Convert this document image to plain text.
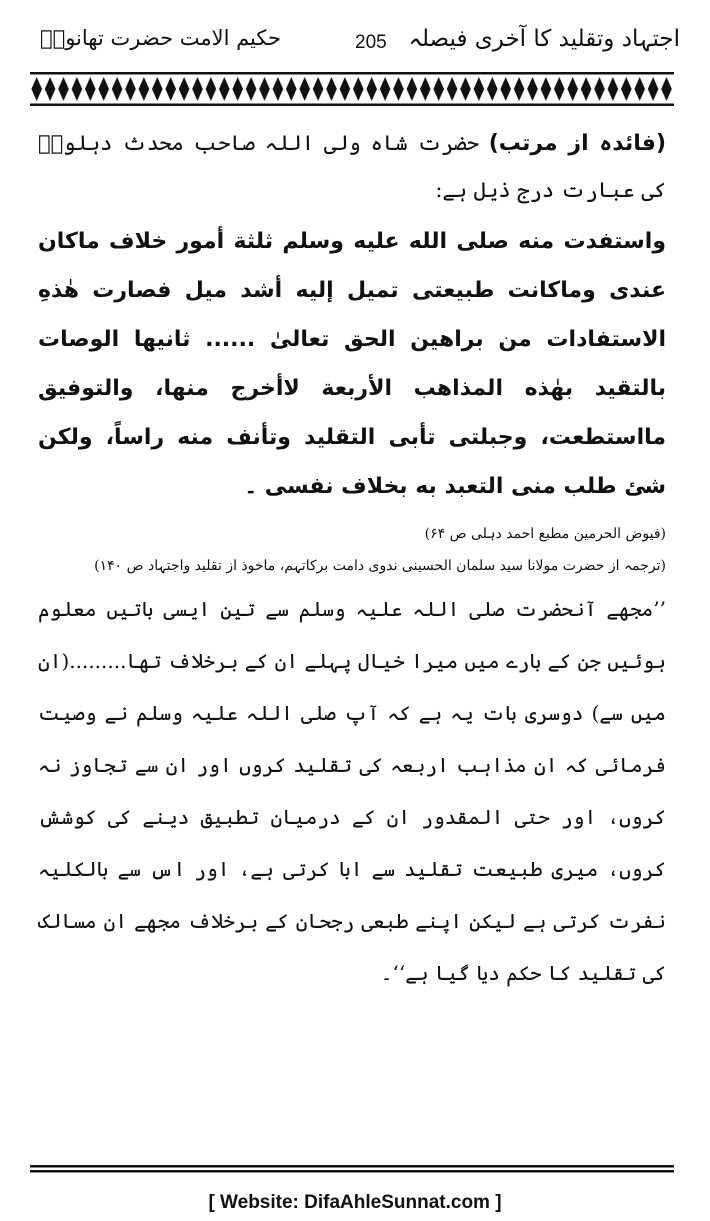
اجتہاد وتقلید کا آخری فیصلہ
205
حکیم الامت حضرت تھانویؒ

(فائدہ از مرتب) حضرت شاہ ولی اللہ صاحب محدث دہلویؒ کی عبارت درج ذیل ہے:

واستفدت منه صلى الله عليه وسلم ثلثة أمور خلاف ماكان عندى وماكانت طبيعتى تميل إليه أشد ميل فصارت هٰذهِ الاستفادات من براهين الحق تعالىٰ ...... ثانيها الوصات بالتقيد بهٰذه المذاهب الأربعة لاأخرج منها، والتوفيق مااستطعت، وجبلتى تأبى التقليد وتأنف منه راساً، ولكن شئ طلب منى التعبد به بخلاف نفسى ۔

(فیوض الحرمین مطبع احمد دہلی ص ۶۴)

(ترجمہ از حضرت مولانا سید سلمان الحسینی ندوی دامت برکاتہم، ماخوذ از تقلید واجتہاد ص ۱۴۰)

’’مجھے آنحضرت صلی اللہ علیہ وسلم سے تین ایسی باتیں معلوم ہوئیں جن کے بارے میں میرا خیال پہلے ان کے برخلاف تھا.........(ان میں سے) دوسری بات یہ ہے کہ آپ صلی اللہ علیہ وسلم نے وصیت فرمائی کہ ان مذاہب اربعہ کی تقلید کروں اور ان سے تجاوز نہ کروں، اور حتی المقدور ان کے درمیان تطبیق دینے کی کوشش کروں، میری طبیعت تقلید سے ابا کرتی ہے، اور اس سے بالکلیہ نفرت کرتی ہے لیکن اپنے طبعی رجحان کے برخلاف مجھے ان مسالک کی تقلید کا حکم دیا گیا ہے‘‘۔

[ Website: DifaAhleSunnat.com ]
